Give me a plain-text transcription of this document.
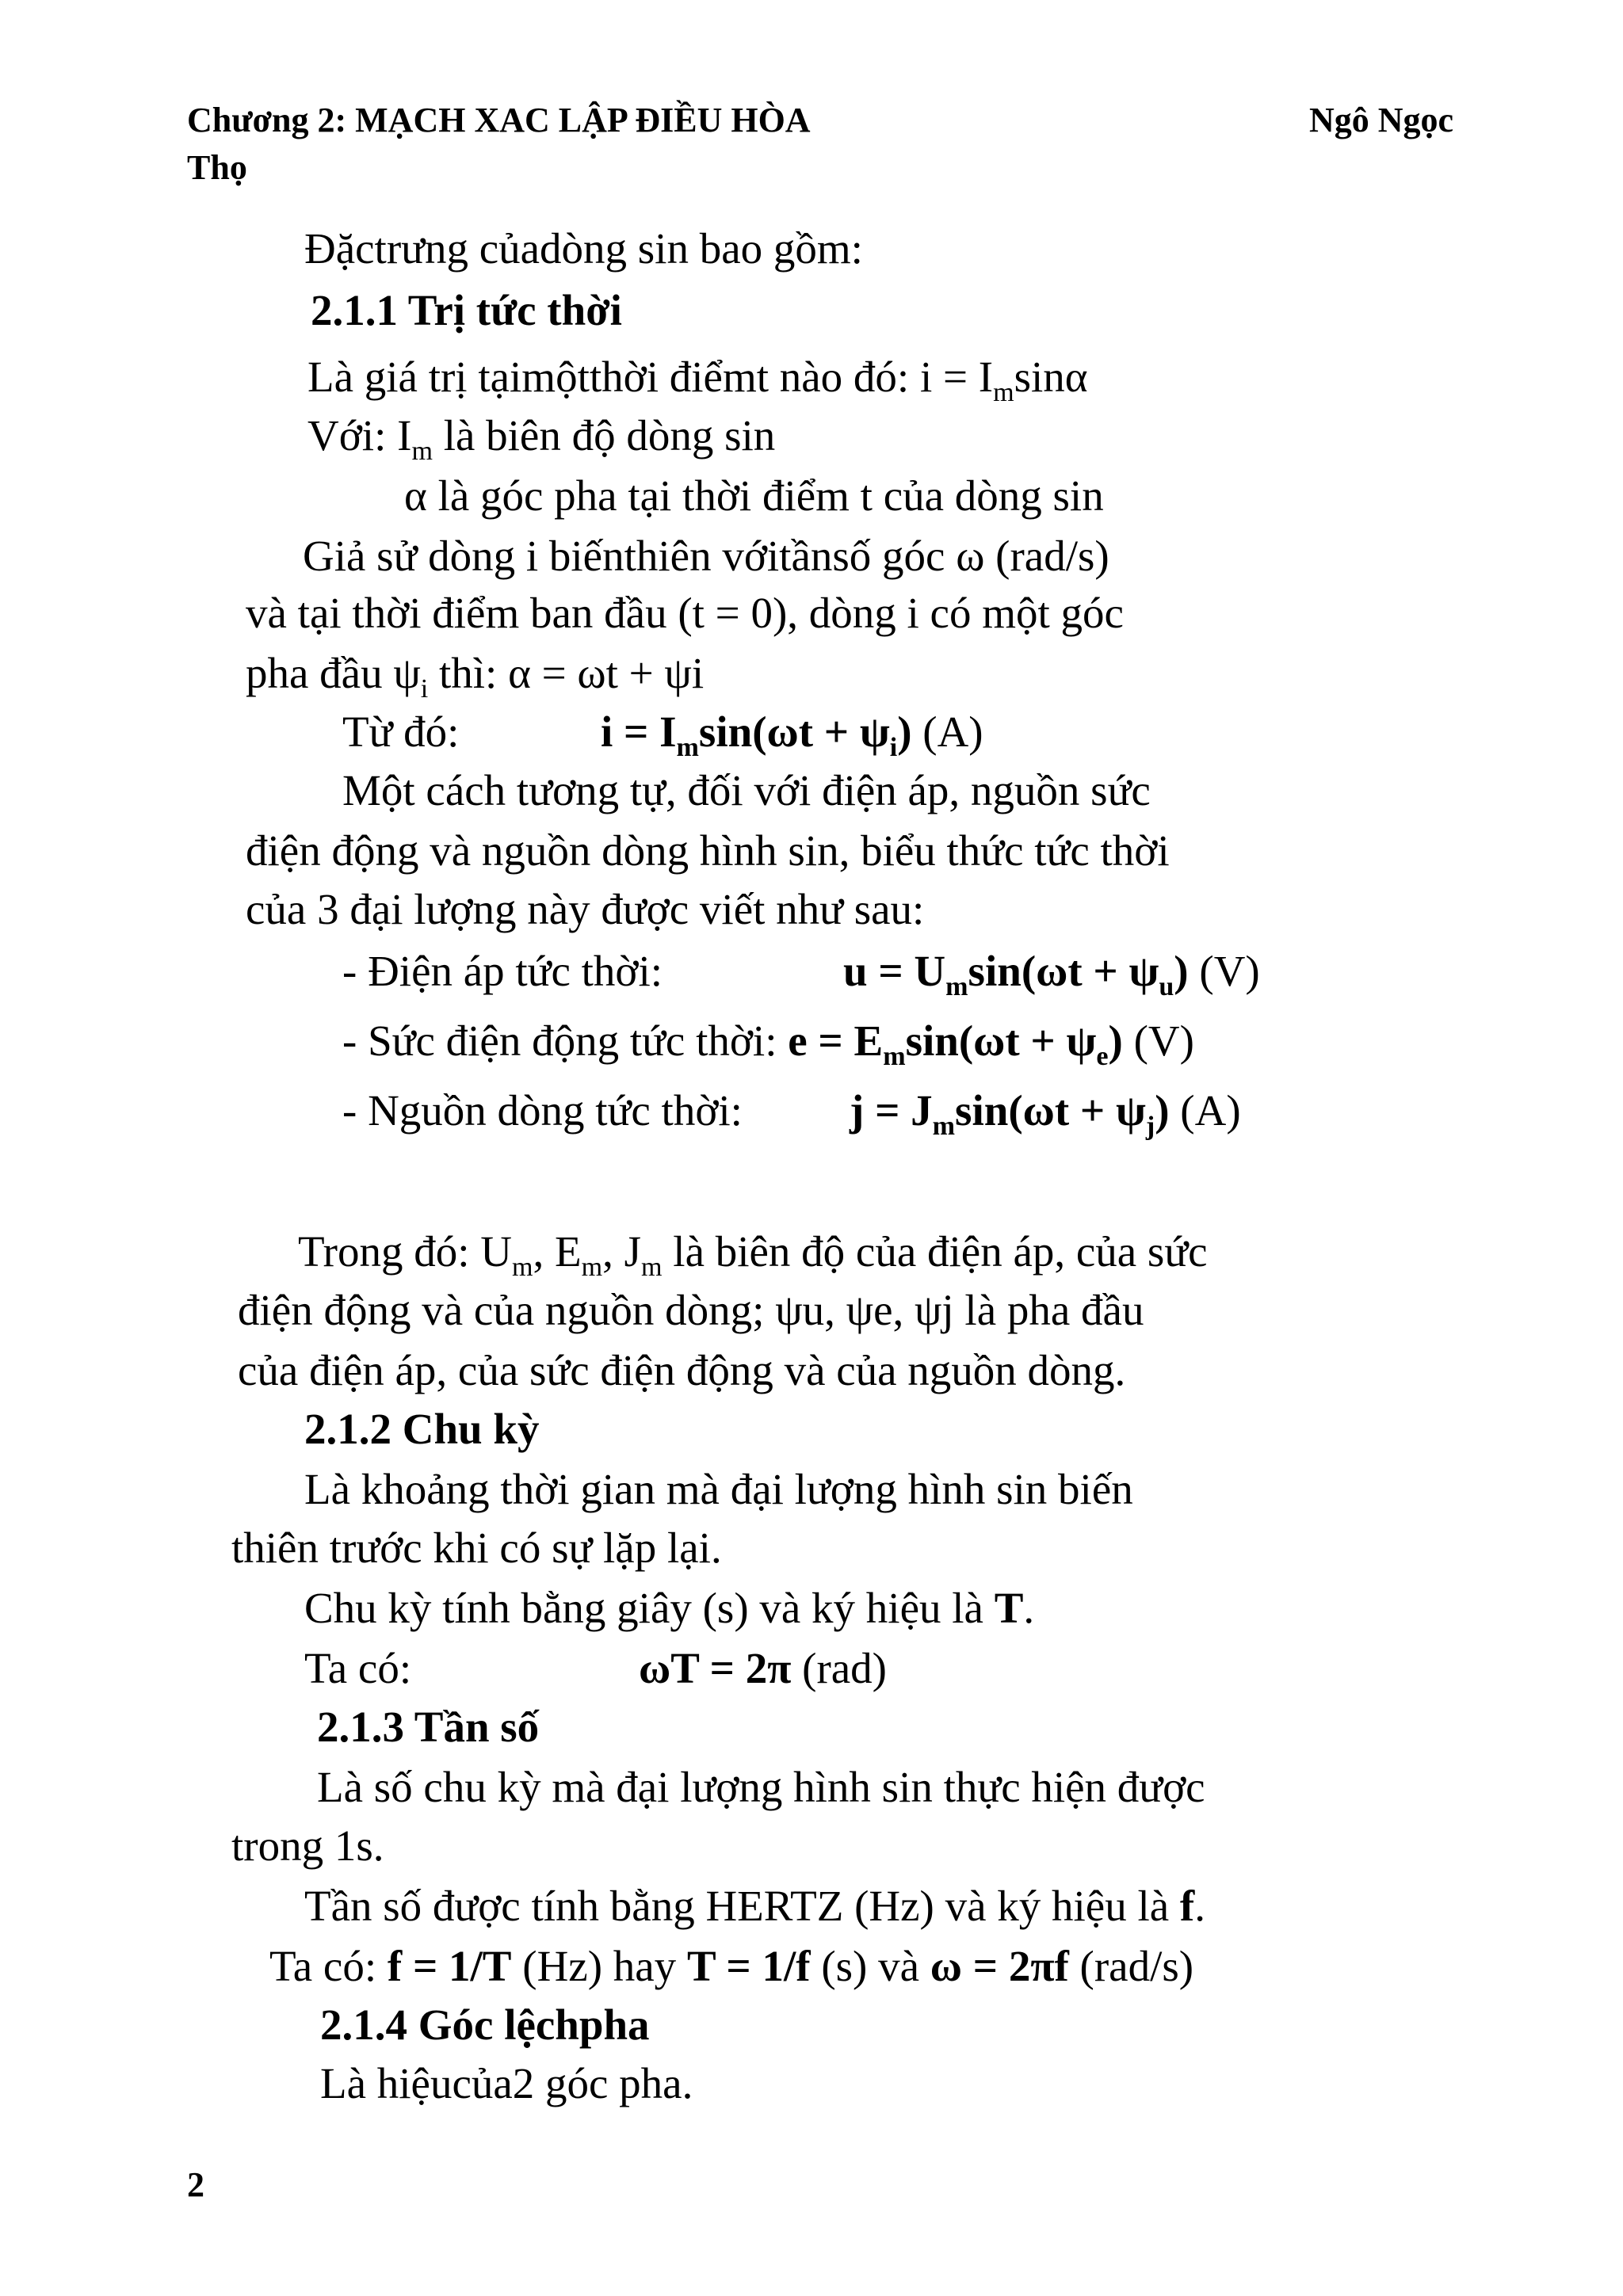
Chương 2: MẠCH XAC LẬP ĐIỀU HÒA	Ngô Ngọc
Thọ
Đặctrưng củadòng sin bao gồm:
2.1.1 Trị tức thời
Là giá trị tạimộtthời điểmt nào đó: $i = I_m\sin\alpha$
Với: $I_m$ là biên độ dòng sin
α là góc pha tại thời điểm t của dòng sin
Giả sử dòng i biếnthiên vớitầnsố góc ω (rad/s)
và tại thời điểm ban đầu (t = 0), dòng i có một góc
pha đầu $\psi_i$ thì: α = ωt + ψi
Từ đó:	$i = I_m\sin(\omega t + \psi_i)$ (A)
Một cách tương tự, đối với điện áp, nguồn sức
điện động và nguồn dòng hình sin, biểu thức tức thời
của 3 đại lượng này được viết như sau:
- Điện áp tức thời:	$u = U_m\sin(\omega t + \psi_u)$ (V)
- Sức điện động tức thời: $e = E_m\sin(\omega t + \psi_e)$ (V)
- Nguồn dòng tức thời: $j = J_m\sin(\omega t + \psi_j)$ (A)
Trong đó: $U_m$, $E_m$, $J_m$ là biên độ của điện áp, của sức
điện động và của nguồn dòng; ψu, ψe, ψj là pha đầu
của điện áp, của sức điện động và của nguồn dòng.
2.1.2 Chu kỳ
Là khoảng thời gian mà đại lượng hình sin biến
thiên trước khi có sự lặp lại.
Chu kỳ tính bằng giây (s) và ký hiệu là T.
Ta có:	ωT = 2π (rad)
2.1.3 Tần số
Là số chu kỳ mà đại lượng hình sin thực hiện được
trong 1s.
Tần số được tính bằng HERTZ (Hz) và ký hiệu là f.
Ta có: f = 1/T (Hz) hay T = 1/f (s) và ω = 2πf (rad/s)
2.1.4 Góc lệchpha
Là hiệucủa2 góc pha.
2
